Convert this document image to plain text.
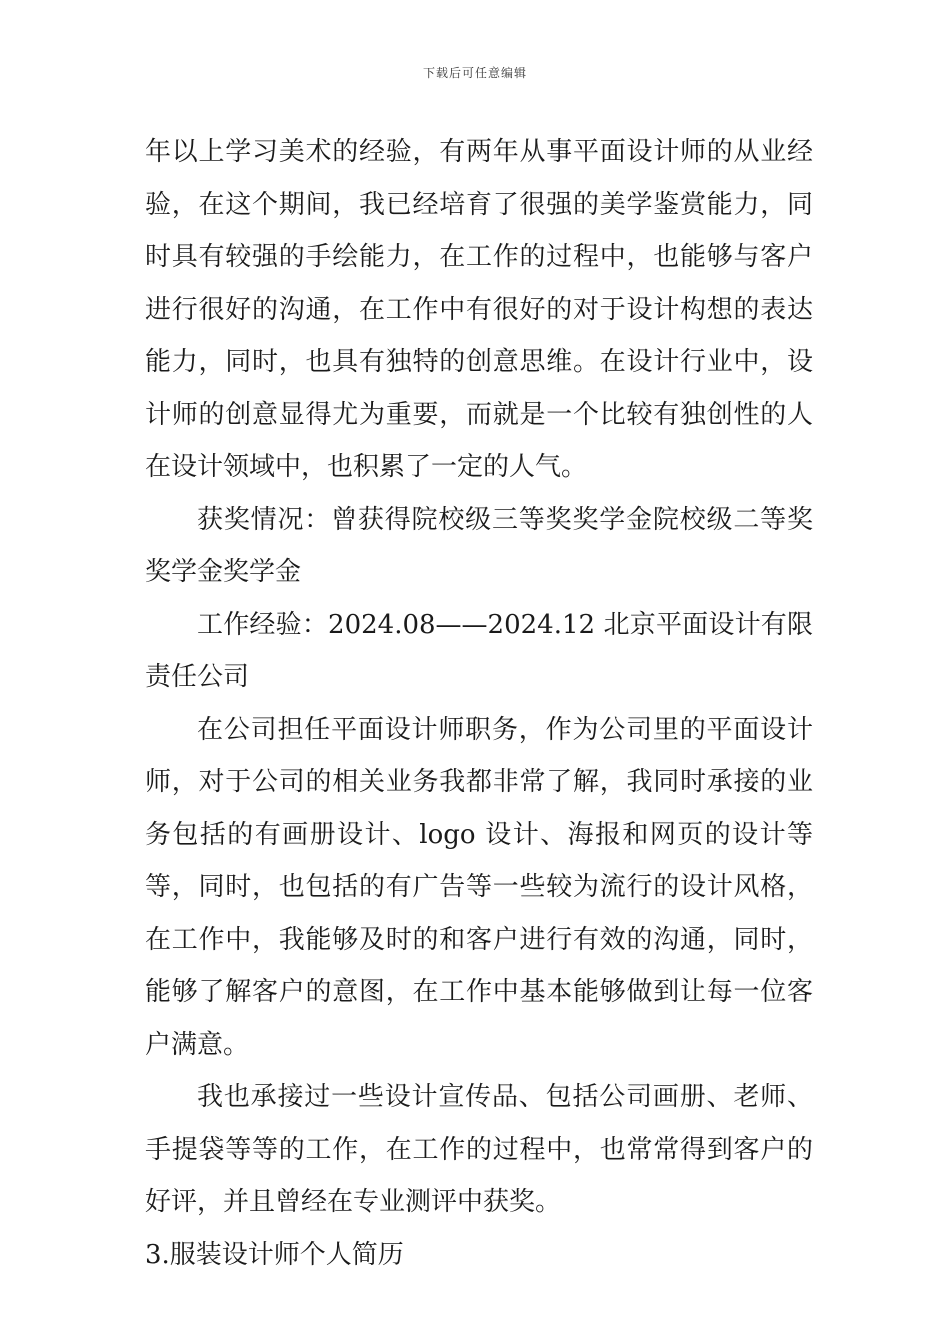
下载后可任意编辑

年以上学习美术的经验，有两年从事平面设计师的从业经验，在这个期间，我已经培育了很强的美学鉴赏能力，同时具有较强的手绘能力，在工作的过程中，也能够与客户进行很好的沟通，在工作中有很好的对于设计构想的表达能力，同时，也具有独特的创意思维。在设计行业中，设计师的创意显得尤为重要，而就是一个比较有独创性的人在设计领域中，也积累了一定的人气。

获奖情况：曾获得院校级三等奖奖学金院校级二等奖奖学金奖学金

工作经验：2024.08——2024.12 北京平面设计有限责任公司

在公司担任平面设计师职务，作为公司里的平面设计师，对于公司的相关业务我都非常了解，我同时承接的业务包括的有画册设计、logo 设计、海报和网页的设计等等，同时，也包括的有广告等一些较为流行的设计风格，在工作中，我能够及时的和客户进行有效的沟通，同时，能够了解客户的意图，在工作中基本能够做到让每一位客户满意。

我也承接过一些设计宣传品、包括公司画册、老师、手提袋等等的工作，在工作的过程中，也常常得到客户的好评，并且曾经在专业测评中获奖。

3.服装设计师个人简历
